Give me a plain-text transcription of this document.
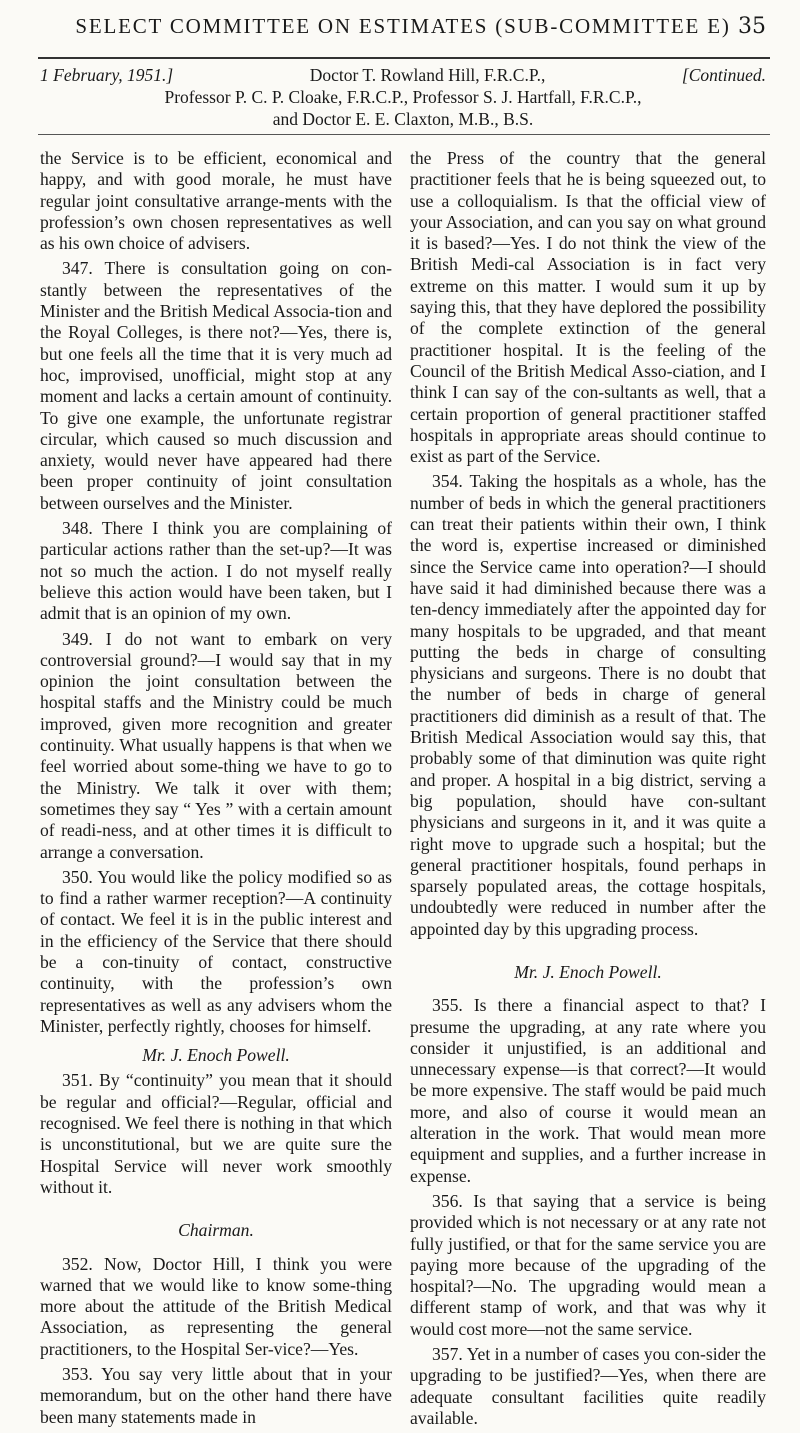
SELECT COMMITTEE ON ESTIMATES (SUB-COMMITTEE E) 35
1 February, 1951.]	Doctor T. Rowland Hill, F.R.C.P.,	[Continued.
Professor P. C. P. Cloake, F.R.C.P., Professor S. J. Hartfall, F.R.C.P.,
and Doctor E. E. Claxton, M.B., B.S.

the Service is to be efficient, economical and happy, and with good morale, he must have regular joint consultative arrange-ments with the profession’s own chosen representatives as well as his own choice of advisers.

347. There is consultation going on con-stantly between the representatives of the Minister and the British Medical Associa-tion and the Royal Colleges, is there not?—Yes, there is, but one feels all the time that it is very much ad hoc, improvised, unofficial, might stop at any moment and lacks a certain amount of continuity. To give one example, the unfortunate registrar circular, which caused so much discussion and anxiety, would never have appeared had there been proper continuity of joint consultation between ourselves and the Minister.

348. There I think you are complaining of particular actions rather than the set-up?—It was not so much the action. I do not myself really believe this action would have been taken, but I admit that is an opinion of my own.

349. I do not want to embark on very controversial ground?—I would say that in my opinion the joint consultation between the hospital staffs and the Ministry could be much improved, given more recognition and greater continuity. What usually happens is that when we feel worried about some-thing we have to go to the Ministry. We talk it over with them; sometimes they say “ Yes ” with a certain amount of readi-ness, and at other times it is difficult to arrange a conversation.

350. You would like the policy modified so as to find a rather warmer reception?—A continuity of contact. We feel it is in the public interest and in the efficiency of the Service that there should be a con-tinuity of contact, constructive continuity, with the profession’s own representatives as well as any advisers whom the Minister, perfectly rightly, chooses for himself.

Mr. J. Enoch Powell.

351. By “continuity” you mean that it should be regular and official?—Regular, official and recognised. We feel there is nothing in that which is unconstitutional, but we are quite sure the Hospital Service will never work smoothly without it.

Chairman.

352. Now, Doctor Hill, I think you were warned that we would like to know some-thing more about the attitude of the British Medical Association, as representing the general practitioners, to the Hospital Ser-vice?—Yes.

353. You say very little about that in your memorandum, but on the other hand there have been many statements made in

the Press of the country that the general practitioner feels that he is being squeezed out, to use a colloquialism. Is that the official view of your Association, and can you say on what ground it is based?—Yes. I do not think the view of the British Medi-cal Association is in fact very extreme on this matter. I would sum it up by saying this, that they have deplored the possibility of the complete extinction of the general practitioner hospital. It is the feeling of the Council of the British Medical Asso-ciation, and I think I can say of the con-sultants as well, that a certain proportion of general practitioner staffed hospitals in appropriate areas should continue to exist as part of the Service.

354. Taking the hospitals as a whole, has the number of beds in which the general practitioners can treat their patients within their own, I think the word is, expertise increased or diminished since the Service came into operation?—I should have said it had diminished because there was a ten-dency immediately after the appointed day for many hospitals to be upgraded, and that meant putting the beds in charge of consulting physicians and surgeons. There is no doubt that the number of beds in charge of general practitioners did diminish as a result of that. The British Medical Association would say this, that probably some of that diminution was quite right and proper. A hospital in a big district, serving a big population, should have con-sultant physicians and surgeons in it, and it was quite a right move to upgrade such a hospital; but the general practitioner hospitals, found perhaps in sparsely populated areas, the cottage hospitals, undoubtedly were reduced in number after the appointed day by this upgrading process.

Mr. J. Enoch Powell.

355. Is there a financial aspect to that? I presume the upgrading, at any rate where you consider it unjustified, is an additional and unnecessary expense—is that correct?—It would be more expensive. The staff would be paid much more, and also of course it would mean an alteration in the work. That would mean more equipment and supplies, and a further increase in expense.

356. Is that saying that a service is being provided which is not necessary or at any rate not fully justified, or that for the same service you are paying more because of the upgrading of the hospital?—No. The upgrading would mean a different stamp of work, and that was why it would cost more—not the same service.

357. Yet in a number of cases you con-sider the upgrading to be justified?—Yes, when there are adequate consultant facilities quite readily available.
